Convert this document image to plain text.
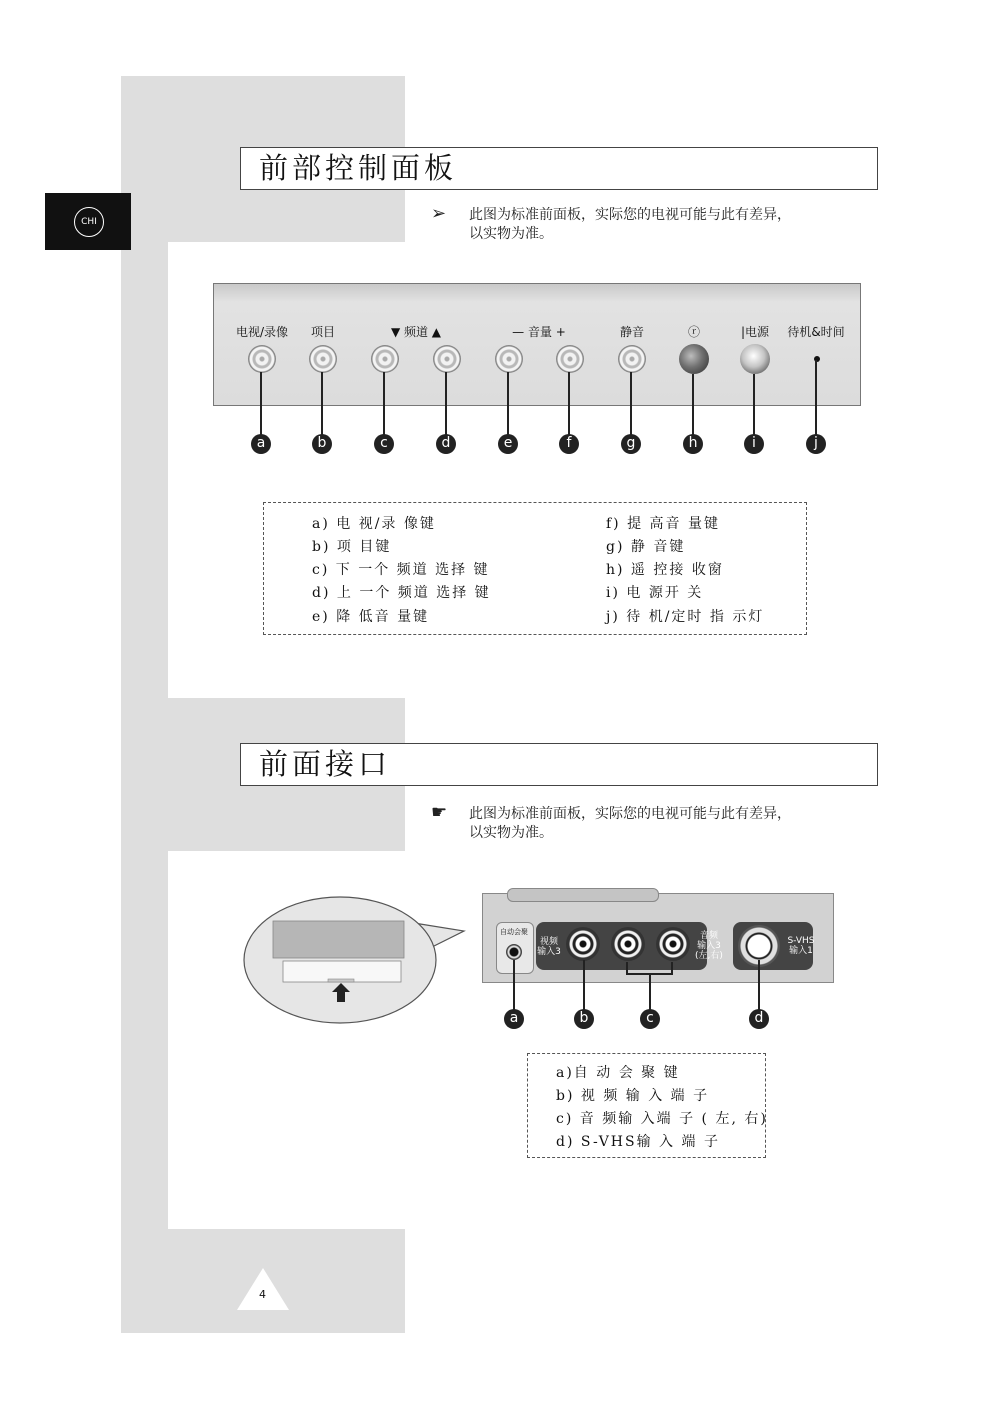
CHI
前部控制面板
➢ 此图为标准前面板，实际您的电视可能与此有差异，
以实物为准。
电视/录像 项目	▼ 频道 ▲	— 音量 +	静音	ⓡ	|电源 待机&时间
a	b	c	d	e	f	g	h	i	j
a) 电 视/录 像键
b) 项 目键
c) 下 一个 频道 选择 键
d) 上 一个 频道 选择 键
e) 降 低音 量键
f) 提 高音 量键
g) 静 音键
h) 遥 控接 收窗
i) 电 源开 关
j) 待 机/定时 指 示灯
前面接口
☛ 此图为标准前面板，实际您的电视可能与此有差异，
以实物为准。
自动会聚
视频
输入3
音频
输入3
(左,右)
S-VHS
输入1
a	b	c	d
a)自 动 会 聚 键
b) 视 频 输 入 端 子
c) 音 频输 入端 子 ( 左, 右)
d) S-VHS输 入 端 子
4
